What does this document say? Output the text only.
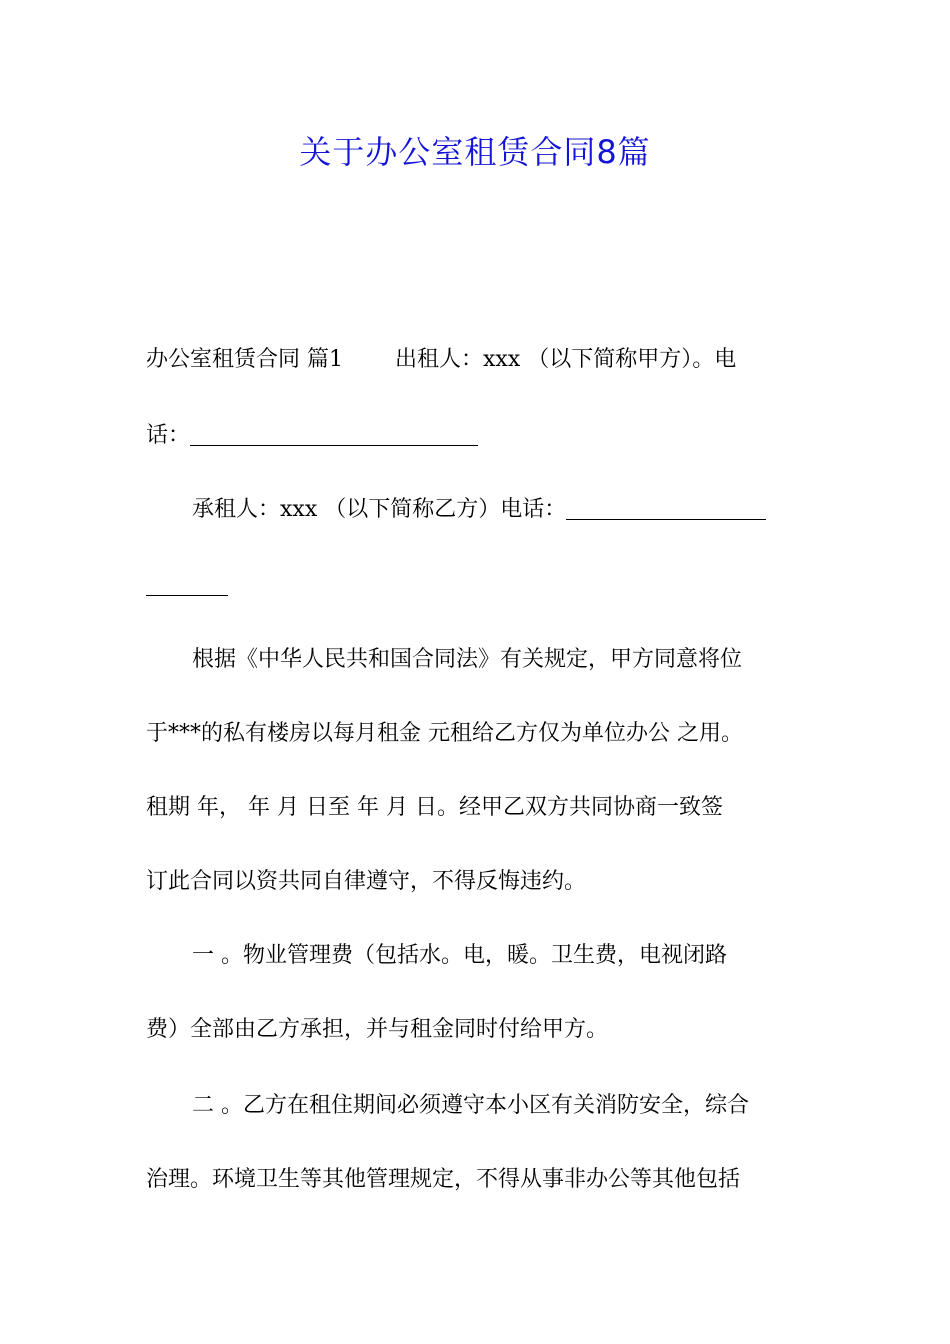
关于办公室租赁合同8篇
办公室租赁合同 篇1 出租人：xxx （以下简称甲方）。电
话：
承租人：xxx （以下简称乙方）电话：
根据《中华人民共和国合同法》有关规定，甲方同意将位
于***的私有楼房以每月租金 元租给乙方仅为单位办公 之用。
租期 年， 年 月 日至 年 月 日。经甲乙双方共同协商一致签
订此合同以资共同自律遵守，不得反悔违约。
一 。物业管理费（包括水。电，暖。卫生费，电视闭路
费）全部由乙方承担，并与租金同时付给甲方。
二 。乙方在租住期间必须遵守本小区有关消防安全，综合
治理。环境卫生等其他管理规定，不得从事非办公等其他包括
